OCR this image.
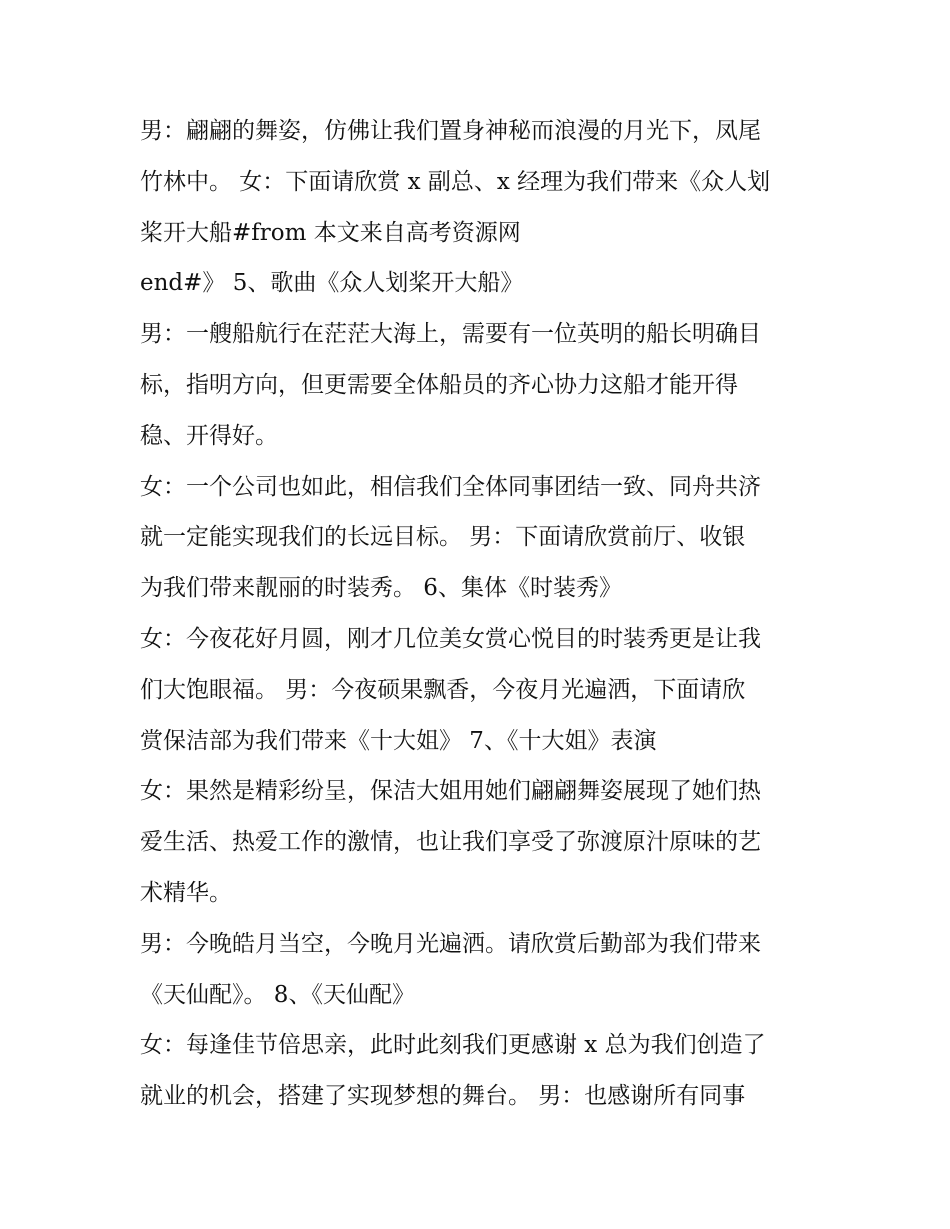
男：翩翩的舞姿，仿佛让我们置身神秘而浪漫的月光下，凤尾
竹林中。 女：下面请欣赏 x 副总、x 经理为我们带来《众人划
桨开大船#from 本文来自高考资源网
end#》 5、歌曲《众人划桨开大船》
男：一艘船航行在茫茫大海上，需要有一位英明的船长明确目
标，指明方向，但更需要全体船员的齐心协力这船才能开得
稳、开得好。
女：一个公司也如此，相信我们全体同事团结一致、同舟共济
就一定能实现我们的长远目标。 男：下面请欣赏前厅、收银
为我们带来靓丽的时装秀。 6、集体《时装秀》
女：今夜花好月圆，刚才几位美女赏心悦目的时装秀更是让我
们大饱眼福。 男：今夜硕果飘香，今夜月光遍洒，下面请欣
赏保洁部为我们带来《十大姐》 7、《十大姐》表演
女：果然是精彩纷呈，保洁大姐用她们翩翩舞姿展现了她们热
爱生活、热爱工作的激情，也让我们享受了弥渡原汁原味的艺
术精华。
男：今晚皓月当空，今晚月光遍洒。请欣赏后勤部为我们带来
《天仙配》。 8、《天仙配》
女：每逢佳节倍思亲，此时此刻我们更感谢 x 总为我们创造了
就业的机会，搭建了实现梦想的舞台。 男：也感谢所有同事
